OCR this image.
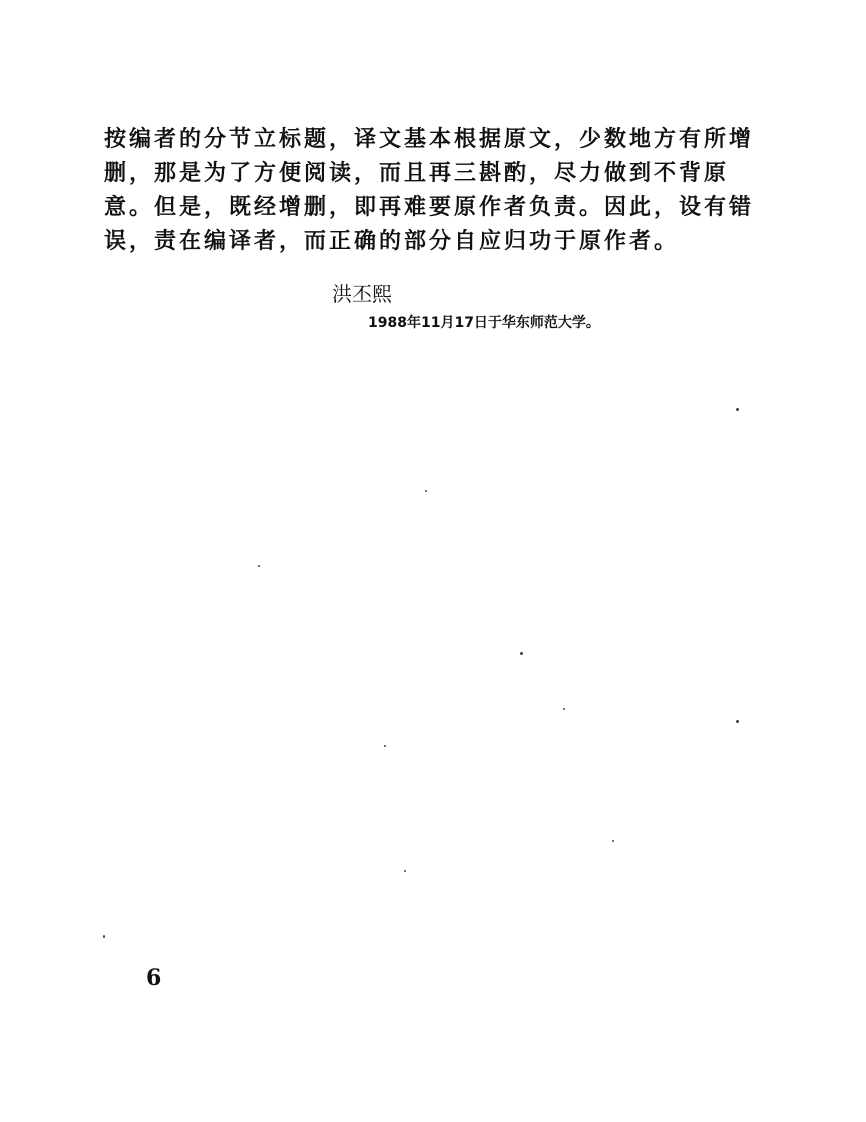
按编者的分节立标题，译文基本根据原文，少数地方有所增
删，那是为了方便阅读，而且再三斟酌，尽力做到不背原
意。但是，既经增删，即再难要原作者负责。因此，设有错
误，责在编译者，而正确的部分自应归功于原作者。
洪丕熙
1988年11月17日于华东师范大学。
6
